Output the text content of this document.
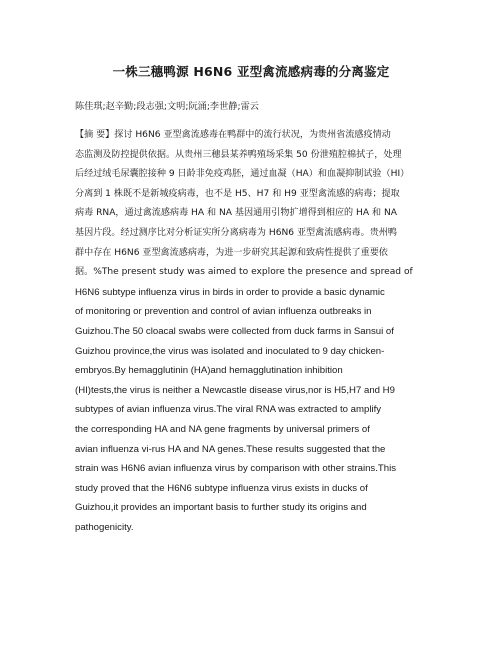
一株三穗鸭源 H6N6 亚型禽流感病毒的分离鉴定
陈佳琪;赵辛勤;段志强;文明;阮涌;李世静;雷云
【摘 要】探讨 H6N6 亚型禽流感毒在鸭群中的流行状况，为贵州省流感疫情动
态监测及防控提供依据。从贵州三穗县某养鸭殖场采集 50 份泄殖腔棉拭子，处理
后经过绒毛尿囊腔接种 9 日龄非免疫鸡胚，通过血凝（HA）和血凝抑制试验（HI）
分离到 1 株既不是新城疫病毒，也不是 H5、H7 和 H9 亚型禽流感的病毒；提取
病毒 RNA，通过禽流感病毒 HA 和 NA 基因通用引物扩增得到相应的 HA 和 NA
基因片段。经过测序比对分析证实所分离病毒为 H6N6 亚型禽流感病毒。贵州鸭
群中存在 H6N6 亚型禽流感病毒，为进一步研究其起源和致病性提供了重要依
据。%The present study was aimed to explore the presence and spread of
H6N6 subtype influenza virus in birds in order to provide a basic dynamic
of monitoring or prevention and control of avian influenza outbreaks in
Guizhou.The 50 cloacal swabs were collected from duck farms in Sansui of
Guizhou province,the virus was isolated and inoculated to 9 day chicken-
embryos.By hemagglutinin (HA)and hemagglutination inhibition
(HI)tests,the virus is neither a Newcastle disease virus,nor is H5,H7 and H9
subtypes of avian influenza virus.The viral RNA was extracted to amplify
the corresponding HA and NA gene fragments by universal primers of
avian influenza vi-rus HA and NA genes.These results suggested that the
strain was H6N6 avian influenza virus by comparison with other strains.This
study proved that the H6N6 subtype influenza virus exists in ducks of
Guizhou,it provides an important basis to further study its origins and
pathogenicity.
